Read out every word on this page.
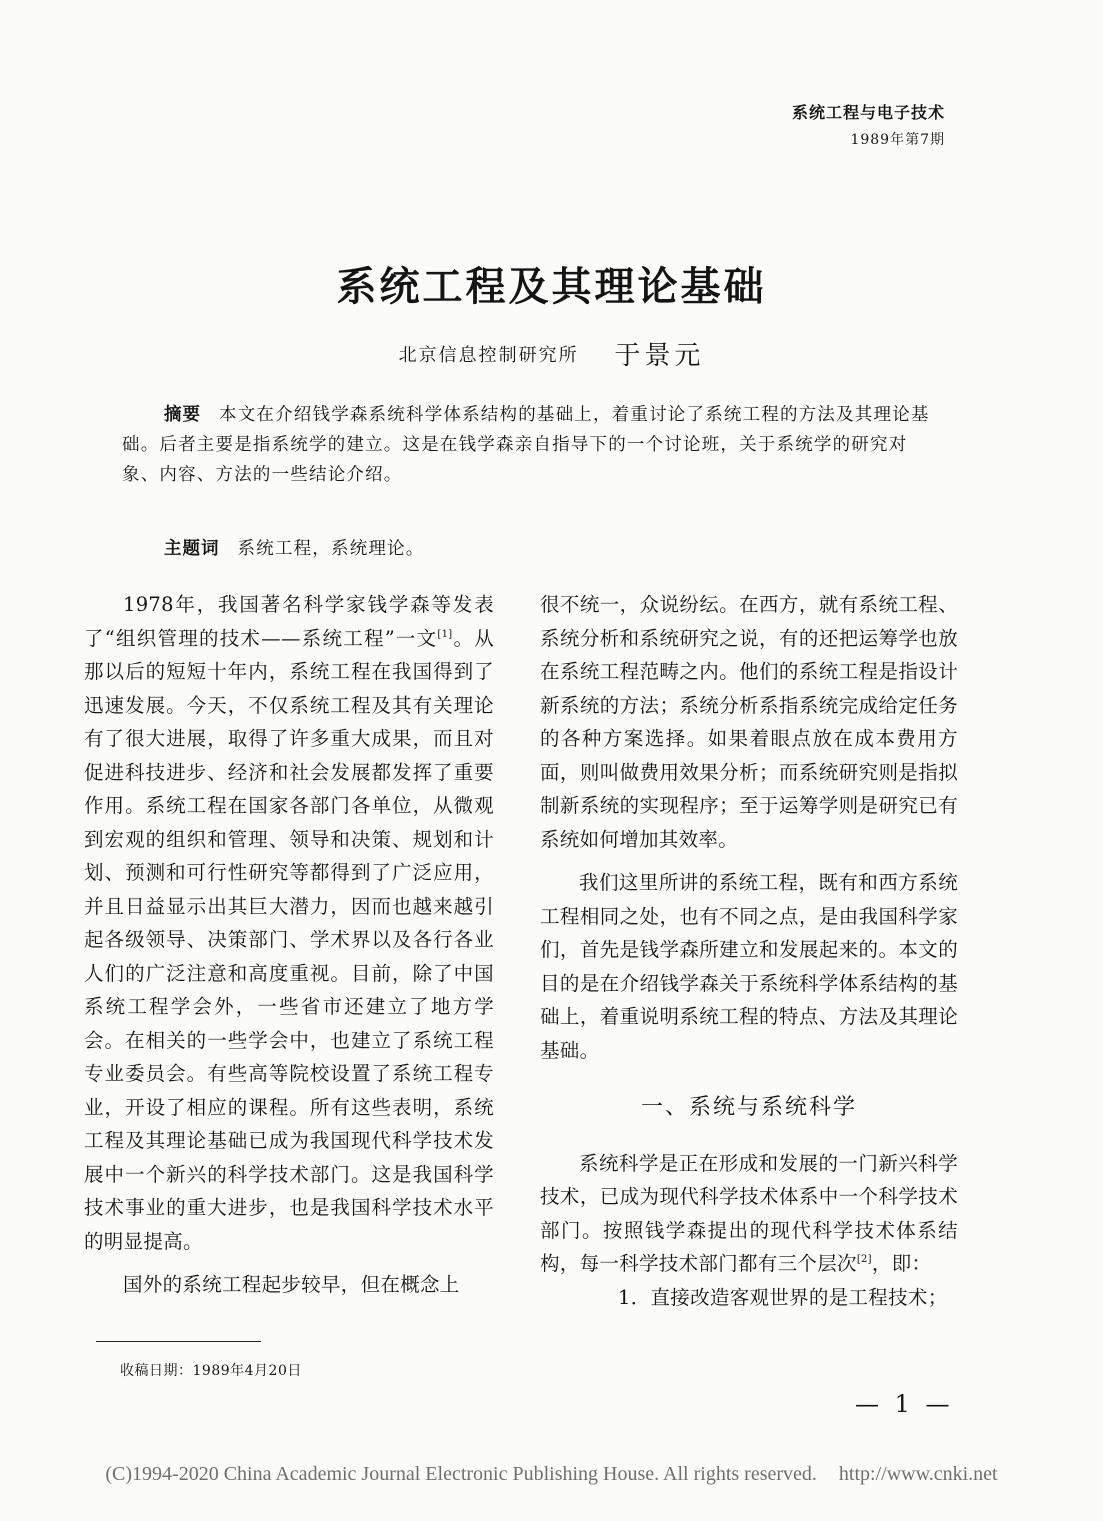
系统工程与电子技术
1989年第7期
系统工程及其理论基础
北京信息控制研究所 于景元
摘要 本文在介绍钱学森系统科学体系结构的基础上，着重讨论了系统工程的方法及其理论基础。后者主要是指系统学的建立。这是在钱学森亲自指导下的一个讨论班，关于系统学的研究对象、内容、方法的一些结论介绍。
主题词 系统工程，系统理论。

1978年，我国著名科学家钱学森等发表了“组织管理的技术——系统工程”一文[1]。从那以后的短短十年内，系统工程在我国得到了迅速发展。今天，不仅系统工程及其有关理论有了很大进展，取得了许多重大成果，而且对促进科技进步、经济和社会发展都发挥了重要作用。系统工程在国家各部门各单位，从微观到宏观的组织和管理、领导和决策、规划和计划、预测和可行性研究等都得到了广泛应用，并且日益显示出其巨大潜力，因而也越来越引起各级领导、决策部门、学术界以及各行各业人们的广泛注意和高度重视。目前，除了中国系统工程学会外，一些省市还建立了地方学会。在相关的一些学会中，也建立了系统工程专业委员会。有些高等院校设置了系统工程专业，开设了相应的课程。所有这些表明，系统工程及其理论基础已成为我国现代科学技术发展中一个新兴的科学技术部门。这是我国科学技术事业的重大进步，也是我国科学技术水平的明显提高。

国外的系统工程起步较早，但在概念上

很不统一，众说纷纭。在西方，就有系统工程、系统分析和系统研究之说，有的还把运筹学也放在系统工程范畴之内。他们的系统工程是指设计新系统的方法；系统分析系指系统完成给定任务的各种方案选择。如果着眼点放在成本费用方面，则叫做费用效果分析；而系统研究则是指拟制新系统的实现程序；至于运筹学则是研究已有系统如何增加其效率。

我们这里所讲的系统工程，既有和西方系统工程相同之处，也有不同之点，是由我国科学家们，首先是钱学森所建立和发展起来的。本文的目的是在介绍钱学森关于系统科学体系结构的基础上，着重说明系统工程的特点、方法及其理论基础。

一、系统与系统科学

系统科学是正在形成和发展的一门新兴科学技术，已成为现代科学技术体系中一个科学技术部门。按照钱学森提出的现代科学技术体系结构，每一科学技术部门都有三个层次[2]，即：

1．直接改造客观世界的是工程技术；

收稿日期：1989年4月20日
— 1 —
(C)1994-2020 China Academic Journal Electronic Publishing House. All rights reserved. http://www.cnki.net
